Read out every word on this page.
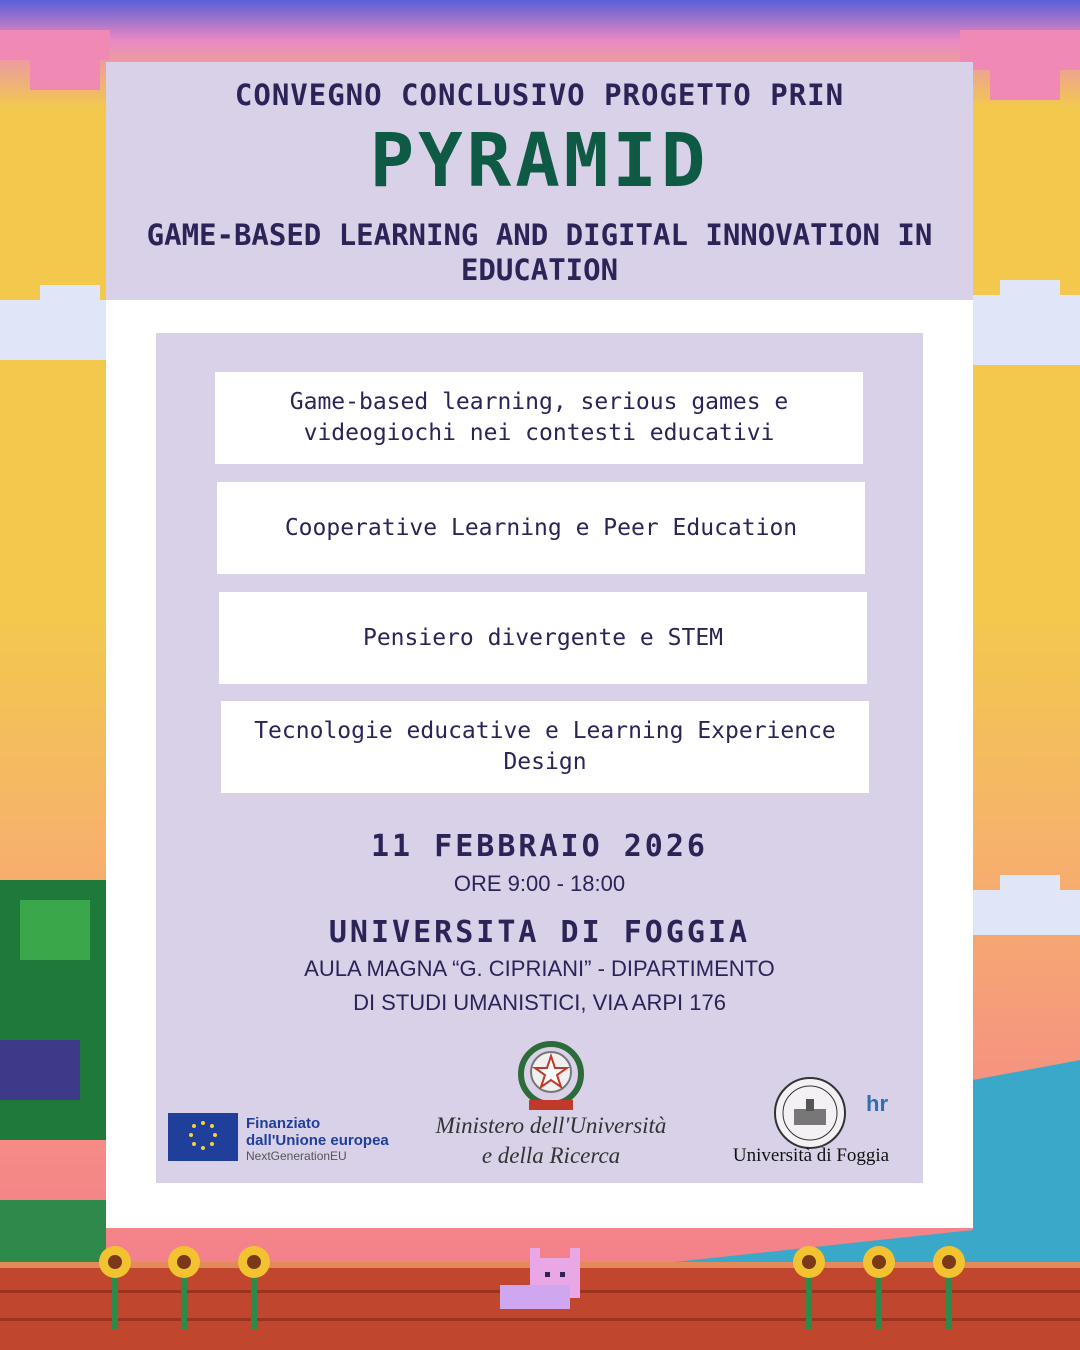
CONVEGNO CONCLUSIVO PROGETTO PRIN
PYRAMID
GAME-BASED LEARNING AND DIGITAL INNOVATION IN EDUCATION
Game-based learning, serious games e videogiochi nei contesti educativi
Cooperative Learning e Peer Education
Pensiero divergente e STEM
Tecnologie educative e Learning Experience Design
11 FEBBRAIO 2026
ORE 9:00 - 18:00
UNIVERSITA DI FOGGIA
AULA MAGNA “G. CIPRIANI” - DIPARTIMENTO
DI STUDI UMANISTICI, VIA ARPI 176
Finanziato
dall'Unione europea
NextGenerationEU
Ministero dell'Università
e della Ricerca
hr
Università di Foggia
